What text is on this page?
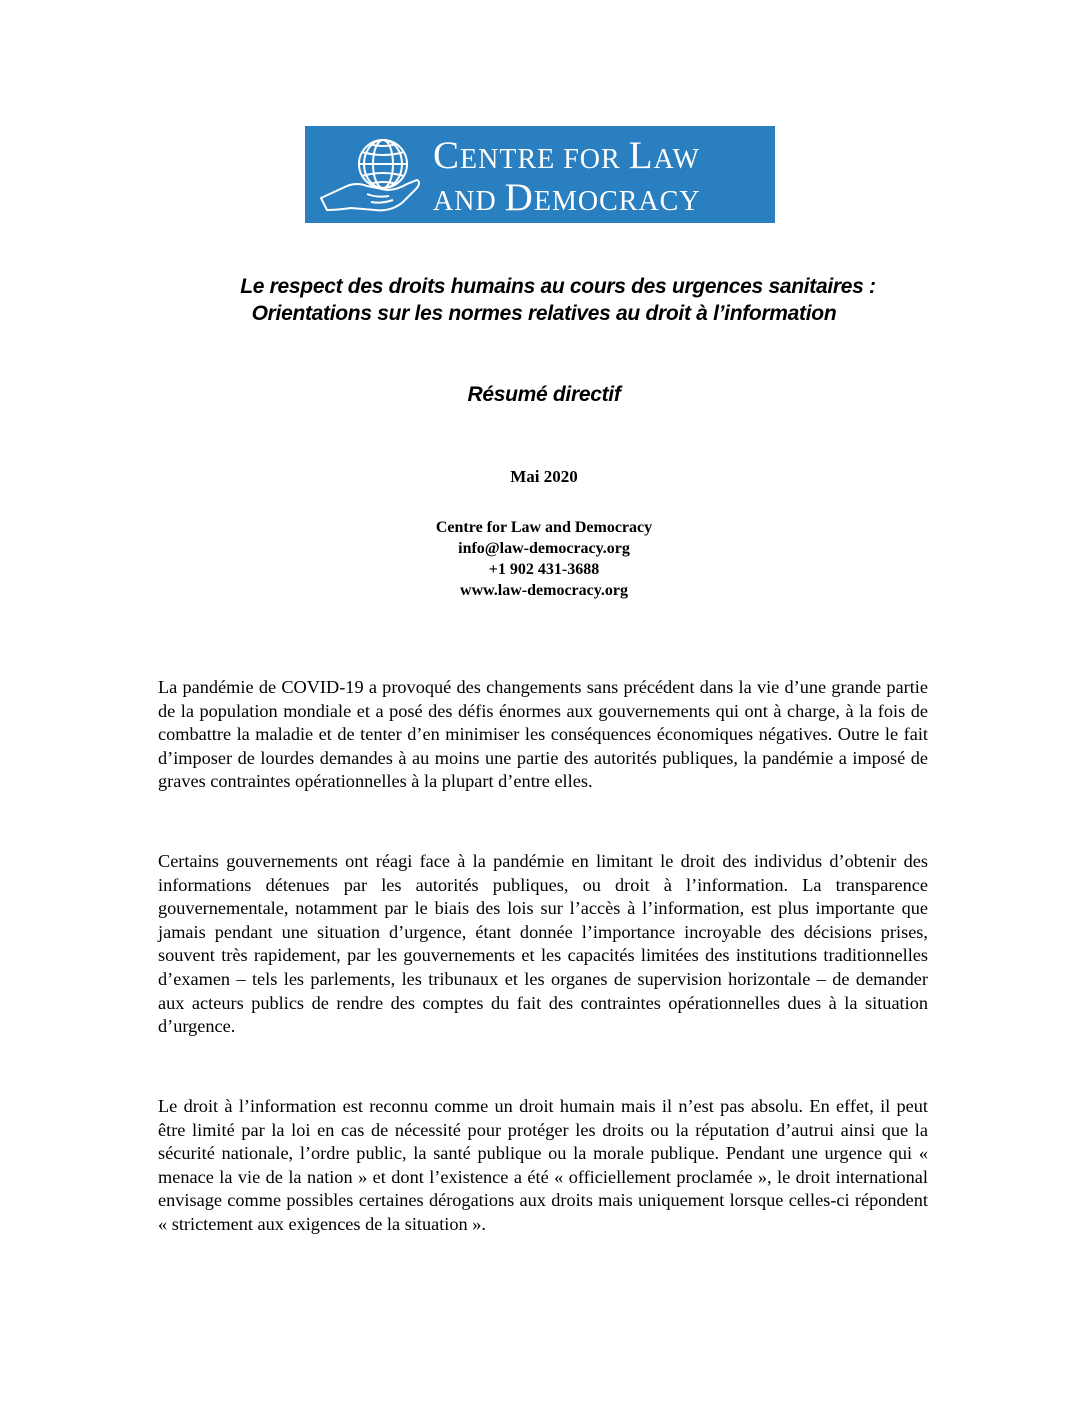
CENTRE FOR LAW
AND DEMOCRACY
Le respect des droits humains au cours des urgences sanitaires :
Orientations sur les normes relatives au droit à l’information
Résumé directif
Mai 2020
Centre for Law and Democracy
info@law-democracy.org
+1 902 431-3688
www.law-democracy.org

La pandémie de COVID-19 a provoqué des changements sans précédent dans la vie d’une grande partie de la population mondiale et a posé des défis énormes aux gouvernements qui ont à charge, à la fois de combattre la maladie et de tenter d’en minimiser les conséquences économiques négatives. Outre le fait d’imposer de lourdes demandes à au moins une partie des autorités publiques, la pandémie a imposé de graves contraintes opérationnelles à la plupart d’entre elles.

Certains gouvernements ont réagi face à la pandémie en limitant le droit des individus d’obtenir des informations détenues par les autorités publiques, ou droit à l’information. La transparence gouvernementale, notamment par le biais des lois sur l’accès à l’information, est plus importante que jamais pendant une situation d’urgence, étant donnée l’importance incroyable des décisions prises, souvent très rapidement, par les gouvernements et les capacités limitées des institutions traditionnelles d’examen – tels les parlements, les tribunaux et les organes de supervision horizontale – de demander aux acteurs publics de rendre des comptes du fait des contraintes opérationnelles dues à la situation d’urgence.

Le droit à l’information est reconnu comme un droit humain mais il n’est pas absolu. En effet, il peut être limité par la loi en cas de nécessité pour protéger les droits ou la réputation d’autrui ainsi que la sécurité nationale, l’ordre public, la santé publique ou la morale publique. Pendant une urgence qui « menace la vie de la nation » et dont l’existence a été « officiellement proclamée », le droit international envisage comme possibles certaines dérogations aux droits mais uniquement lorsque celles-ci répondent « strictement aux exigences de la situation ».
